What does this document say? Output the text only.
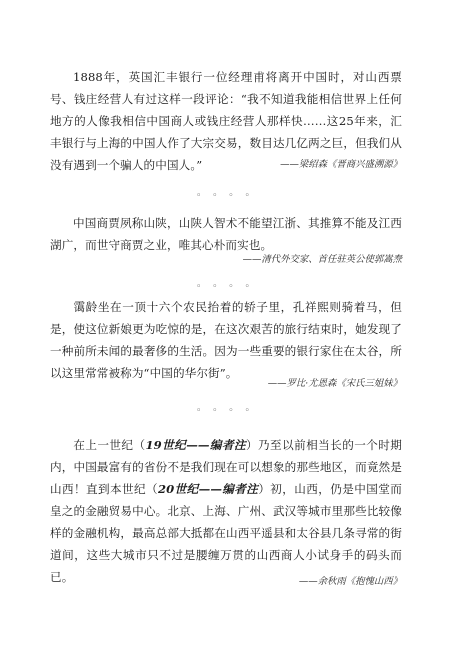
1888年，英国汇丰银行一位经理甫将离开中国时，对山西票号、钱庄经营人有过这样一段评论：“我不知道我能相信世界上任何地方的人像我相信中国商人或钱庄经营人那样快……这25年来，汇丰银行与上海的中国人作了大宗交易，数目达几亿两之巨，但我们从没有遇到一个骗人的中国人。”	——梁绍森《晋商兴盛溯源》
◦ ◦ ◦ ◦

中国商贾夙称山陕，山陕人智术不能望江浙、其推算不能及江西湖广，而世守商贾之业，唯其心朴而实也。

——清代外交家、首任驻英公使郭嵩焘
◦ ◦ ◦ ◦

霭龄坐在一顶十六个农民抬着的轿子里，孔祥熙则骑着马，但是，使这位新娘更为吃惊的是，在这次艰苦的旅行结束时，她发现了一种前所未闻的最奢侈的生活。因为一些重要的银行家住在太谷，所以这里常常被称为“中国的华尔街”。

——罗比·尤恩森《宋氏三姐妹》
◦ ◦ ◦ ◦

在上一世纪（19世纪——编者注）乃至以前相当长的一个时期内，中国最富有的省份不是我们现在可以想象的那些地区，而竟然是山西！直到本世纪（20世纪——编者注）初，山西，仍是中国堂而皇之的金融贸易中心。北京、上海、广州、武汉等城市里那些比较像样的金融机构，最高总部大抵都在山西平遥县和太谷县几条寻常的街道间，这些大城市只不过是腰缠万贯的山西商人小试身手的码头而已。	——余秋雨《抱愧山西》
